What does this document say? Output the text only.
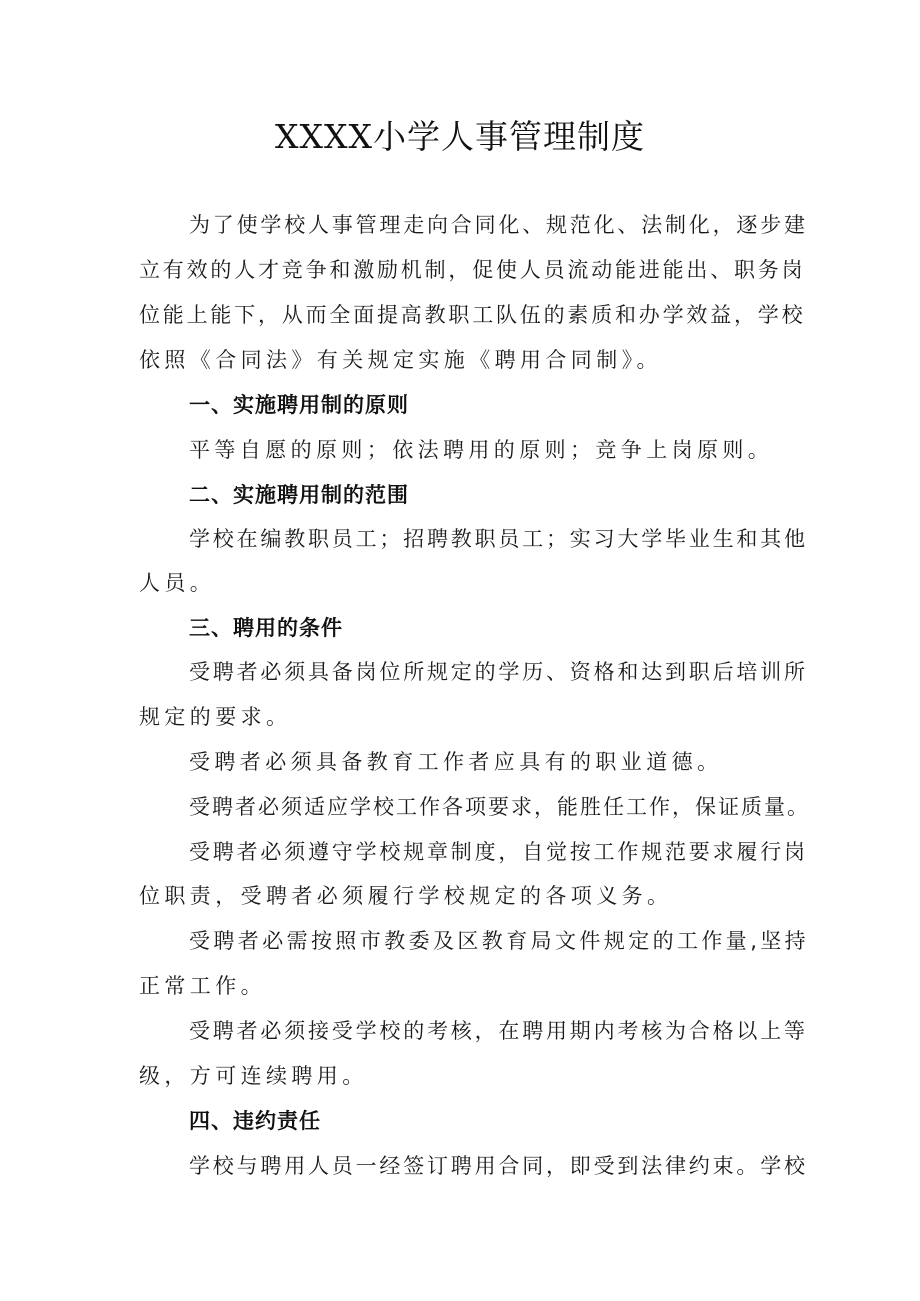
XXXX小学人事管理制度

为了使学校人事管理走向合同化、规范化、法制化，逐步建

立有效的人才竞争和激励机制，促使人员流动能进能出、职务岗

位能上能下，从而全面提高教职工队伍的素质和办学效益，学校

依照《合同法》有关规定实施《聘用合同制》。

一、实施聘用制的原则

平等自愿的原则；依法聘用的原则；竞争上岗原则。

二、实施聘用制的范围

学校在编教职员工；招聘教职员工；实习大学毕业生和其他

人员。

三、聘用的条件

受聘者必须具备岗位所规定的学历、资格和达到职后培训所

规定的要求。

受聘者必须具备教育工作者应具有的职业道德。

受聘者必须适应学校工作各项要求，能胜任工作，保证质量。

受聘者必须遵守学校规章制度，自觉按工作规范要求履行岗

位职责，受聘者必须履行学校规定的各项义务。

受聘者必需按照市教委及区教育局文件规定的工作量,坚持

正常工作。

受聘者必须接受学校的考核，在聘用期内考核为合格以上等

级，方可连续聘用。

四、违约责任

学校与聘用人员一经签订聘用合同，即受到法律约束。学校
